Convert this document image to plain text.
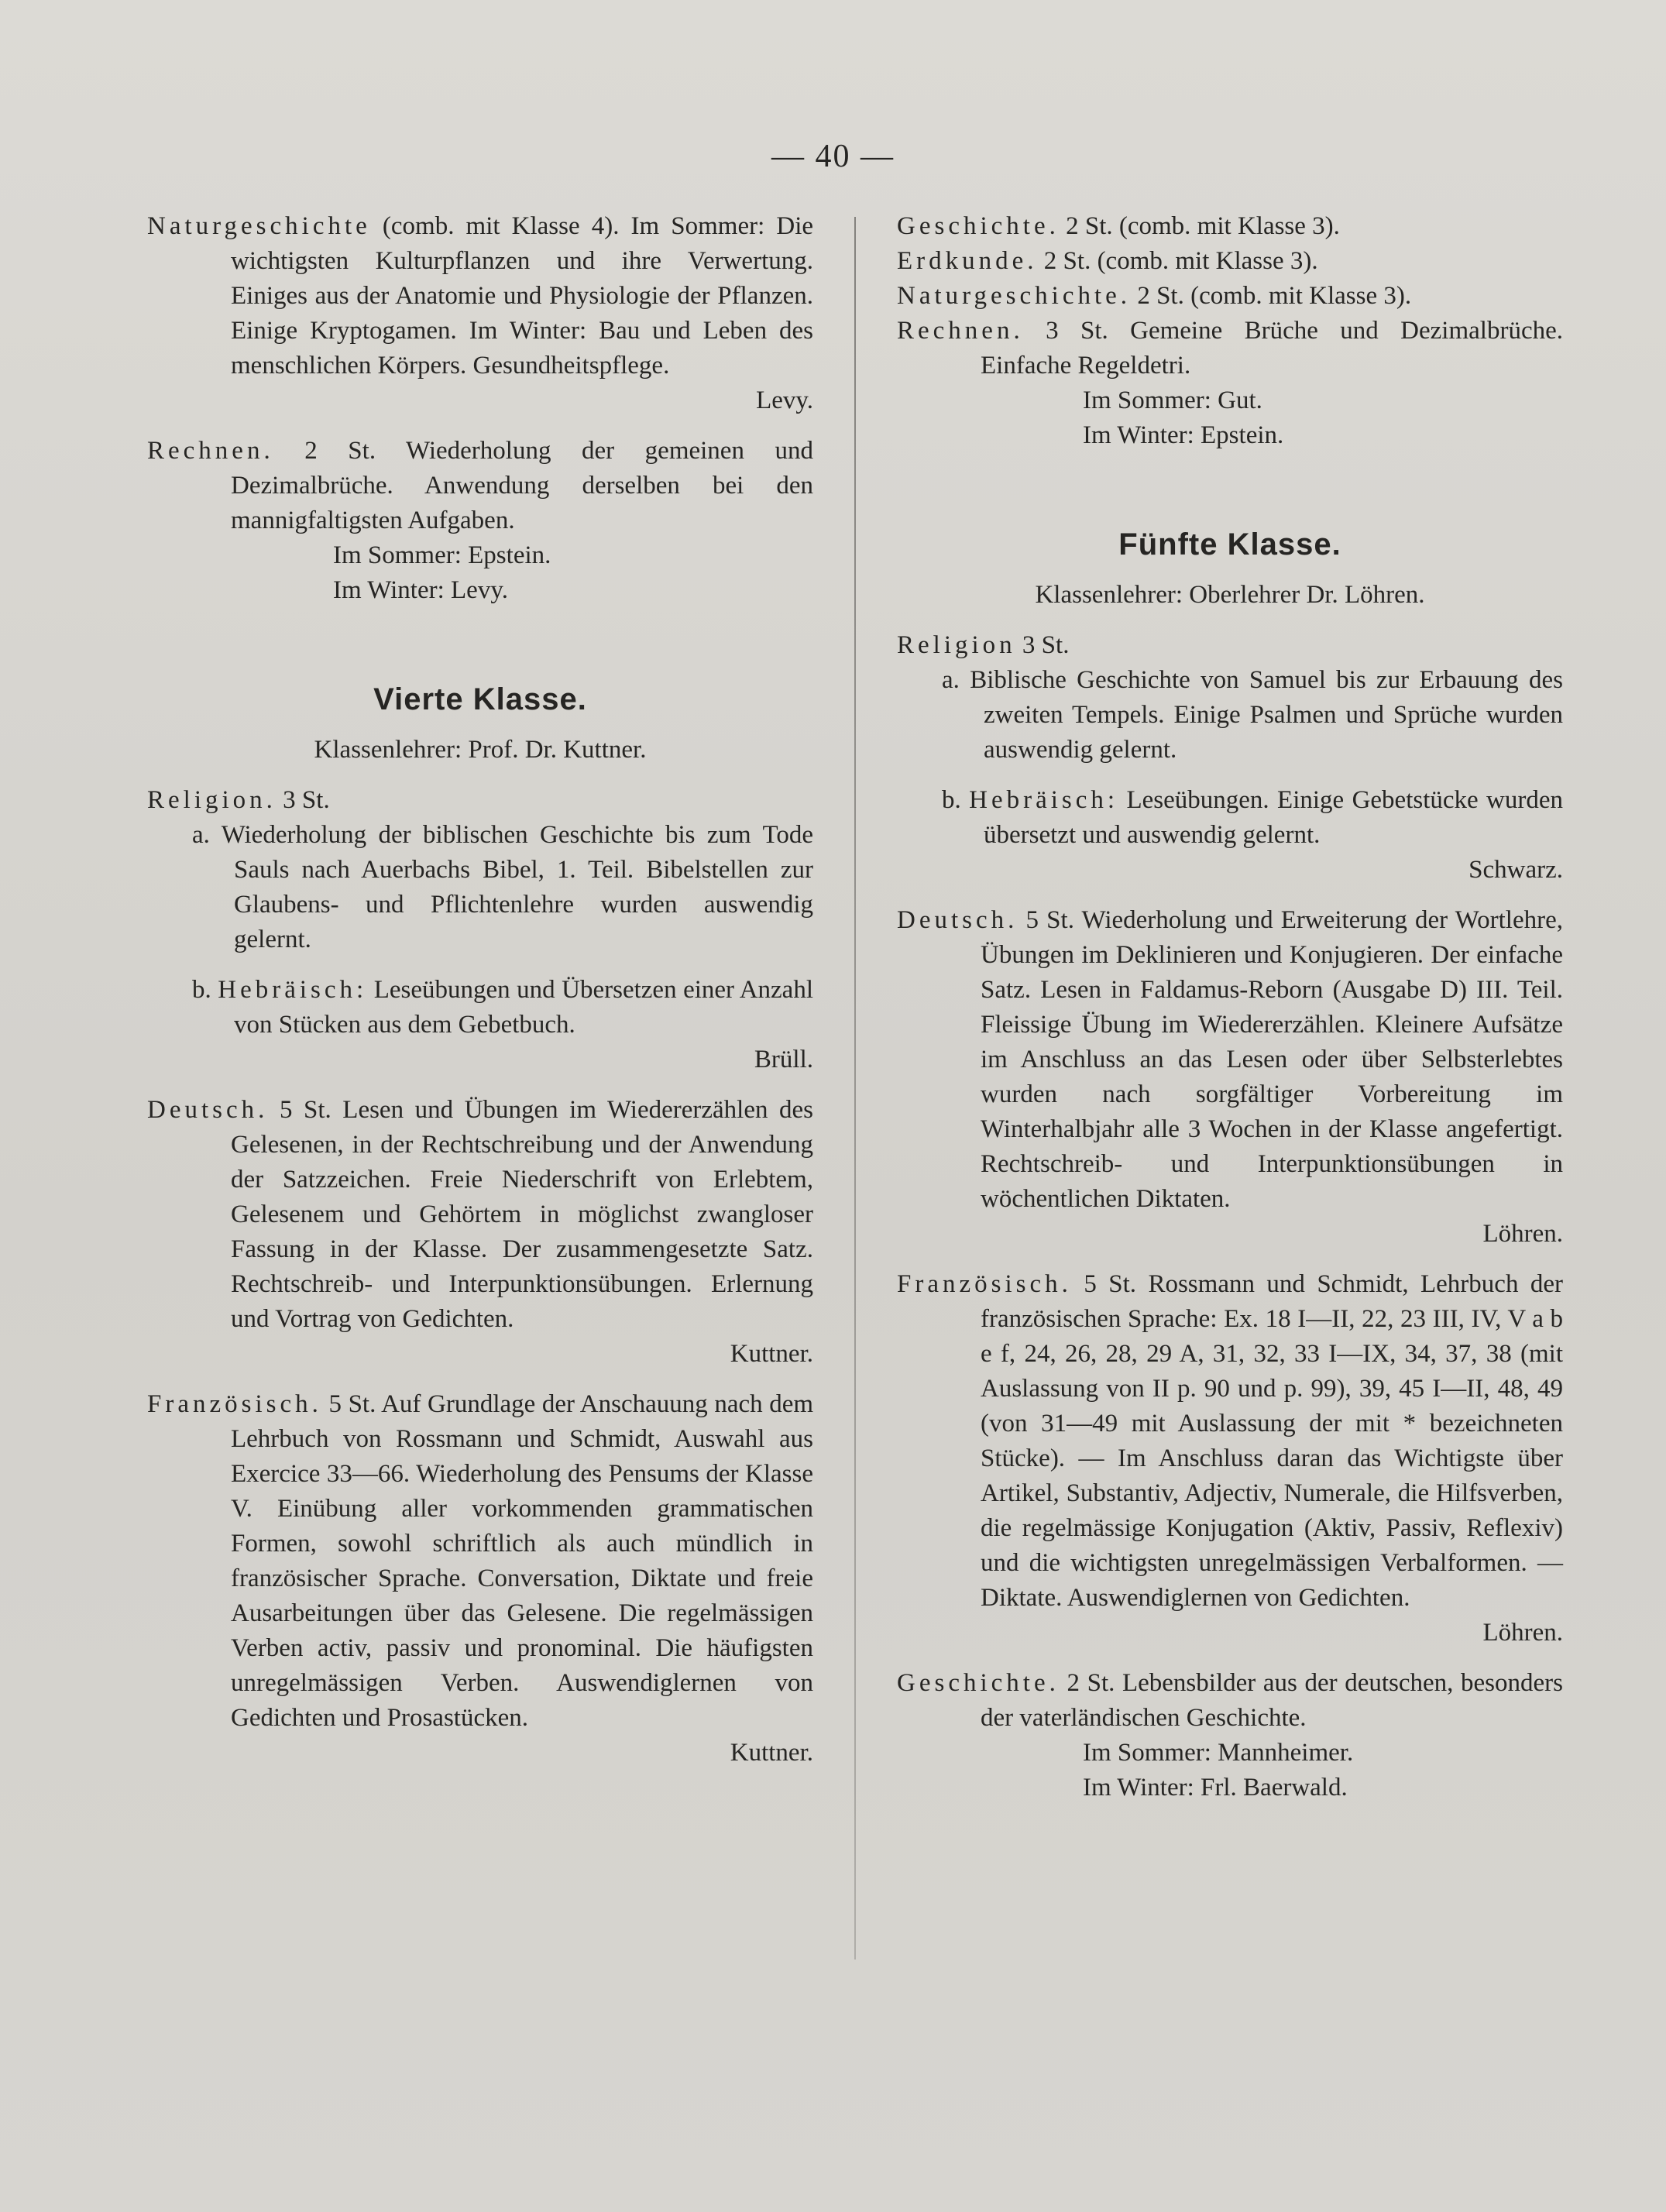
— 40 —
Naturgeschichte (comb. mit Klasse 4). Im Sommer: Die wichtigsten Kulturpflanzen und ihre Verwertung. Einiges aus der Anatomie und Physiologie der Pflanzen. Einige Kryptogamen. Im Winter: Bau und Leben des menschlichen Körpers. Gesundheitspflege.
Levy.
Rechnen. 2 St. Wiederholung der gemeinen und Dezimalbrüche. Anwendung derselben bei den mannigfaltigsten Aufgaben.
Im Sommer: Epstein.
Im Winter: Levy.
Vierte Klasse.
Klassenlehrer: Prof. Dr. Kuttner.
Religion. 3 St.
a. Wiederholung der biblischen Geschichte bis zum Tode Sauls nach Auerbachs Bibel, 1. Teil. Bibelstellen zur Glaubens- und Pflichtenlehre wurden auswendig gelernt.
b. Hebräisch: Leseübungen und Übersetzen einer Anzahl von Stücken aus dem Gebetbuch.
Brüll.
Deutsch. 5 St. Lesen und Übungen im Wiedererzählen des Gelesenen, in der Rechtschreibung und der Anwendung der Satzzeichen. Freie Niederschrift von Erlebtem, Gelesenem und Gehörtem in möglichst zwangloser Fassung in der Klasse. Der zusammengesetzte Satz. Rechtschreib- und Interpunktionsübungen. Erlernung und Vortrag von Gedichten.
Kuttner.
Französisch. 5 St. Auf Grundlage der Anschauung nach dem Lehrbuch von Rossmann und Schmidt, Auswahl aus Exercice 33—66. Wiederholung des Pensums der Klasse V. Einübung aller vorkommenden grammatischen Formen, sowohl schriftlich als auch mündlich in französischer Sprache. Conversation, Diktate und freie Ausarbeitungen über das Gelesene. Die regelmässigen Verben activ, passiv und pronominal. Die häufigsten unregelmässigen Verben. Auswendiglernen von Gedichten und Prosastücken.
Kuttner.
Geschichte. 2 St. (comb. mit Klasse 3).
Erdkunde. 2 St. (comb. mit Klasse 3).
Naturgeschichte. 2 St. (comb. mit Klasse 3).
Rechnen. 3 St. Gemeine Brüche und Dezimalbrüche. Einfache Regeldetri.
Im Sommer: Gut.
Im Winter: Epstein.
Fünfte Klasse.
Klassenlehrer: Oberlehrer Dr. Löhren.
Religion 3 St.
a. Biblische Geschichte von Samuel bis zur Erbauung des zweiten Tempels. Einige Psalmen und Sprüche wurden auswendig gelernt.
b. Hebräisch: Leseübungen. Einige Gebetstücke wurden übersetzt und auswendig gelernt.
Schwarz.
Deutsch. 5 St. Wiederholung und Erweiterung der Wortlehre, Übungen im Deklinieren und Konjugieren. Der einfache Satz. Lesen in Faldamus-Reborn (Ausgabe D) III. Teil. Fleissige Übung im Wiedererzählen. Kleinere Aufsätze im Anschluss an das Lesen oder über Selbsterlebtes wurden nach sorgfältiger Vorbereitung im Winterhalbjahr alle 3 Wochen in der Klasse angefertigt. Rechtschreib- und Interpunktionsübungen in wöchentlichen Diktaten.
Löhren.
Französisch. 5 St. Rossmann und Schmidt, Lehrbuch der französischen Sprache: Ex. 18 I—II, 22, 23 III, IV, V a b e f, 24, 26, 28, 29 A, 31, 32, 33 I—IX, 34, 37, 38 (mit Auslassung von II p. 90 und p. 99), 39, 45 I—II, 48, 49 (von 31—49 mit Auslassung der mit * bezeichneten Stücke). — Im Anschluss daran das Wichtigste über Artikel, Substantiv, Adjectiv, Numerale, die Hilfsverben, die regelmässige Konjugation (Aktiv, Passiv, Reflexiv) und die wichtigsten unregelmässigen Verbalformen. — Diktate. Auswendiglernen von Gedichten.
Löhren.
Geschichte. 2 St. Lebensbilder aus der deutschen, besonders der vaterländischen Geschichte.
Im Sommer: Mannheimer.
Im Winter: Frl. Baerwald.
